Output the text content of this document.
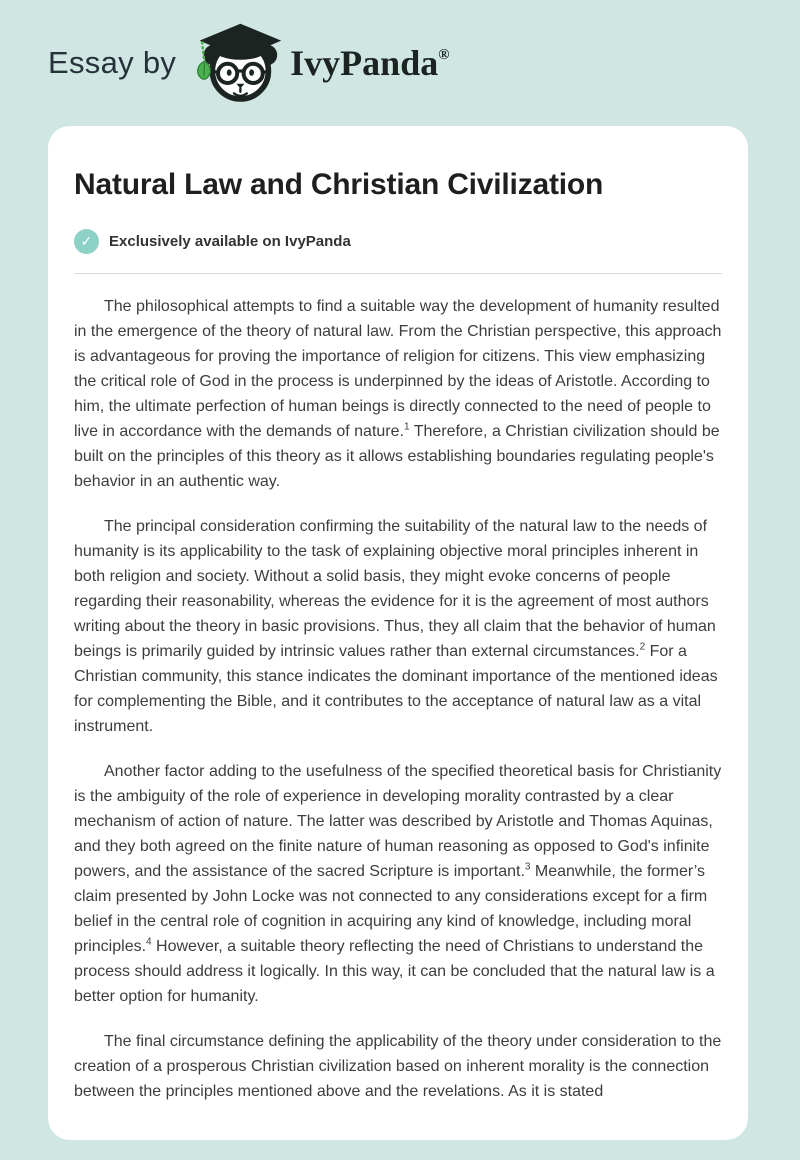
Essay by	IvyPanda®
Natural Law and Christian Civilization
✓	Exclusively available on IvyPanda

The philosophical attempts to find a suitable way the development of humanity resulted in the emergence of the theory of natural law. From the Christian perspective, this approach is advantageous for proving the importance of religion for citizens. This view emphasizing the critical role of God in the process is underpinned by the ideas of Aristotle. According to him, the ultimate perfection of human beings is directly connected to the need of people to live in accordance with the demands of nature.$^1$ Therefore, a Christian civilization should be built on the principles of this theory as it allows establishing boundaries regulating people's behavior in an authentic way.

The principal consideration confirming the suitability of the natural law to the needs of humanity is its applicability to the task of explaining objective moral principles inherent in both religion and society. Without a solid basis, they might evoke concerns of people regarding their reasonability, whereas the evidence for it is the agreement of most authors writing about the theory in basic provisions. Thus, they all claim that the behavior of human beings is primarily guided by intrinsic values rather than external circumstances.$^2$ For a Christian community, this stance indicates the dominant importance of the mentioned ideas for complementing the Bible, and it contributes to the acceptance of natural law as a vital instrument.

Another factor adding to the usefulness of the specified theoretical basis for Christianity is the ambiguity of the role of experience in developing morality contrasted by a clear mechanism of action of nature. The latter was described by Aristotle and Thomas Aquinas, and they both agreed on the finite nature of human reasoning as opposed to God's infinite powers, and the assistance of the sacred Scripture is important.$^3$ Meanwhile, the former’s claim presented by John Locke was not connected to any considerations except for a firm belief in the central role of cognition in acquiring any kind of knowledge, including moral principles.$^4$ However, a suitable theory reflecting the need of Christians to understand the process should address it logically. In this way, it can be concluded that the natural law is a better option for humanity.

The final circumstance defining the applicability of the theory under consideration to the creation of a prosperous Christian civilization based on inherent morality is the connection between the principles mentioned above and the revelations. As it is stated
